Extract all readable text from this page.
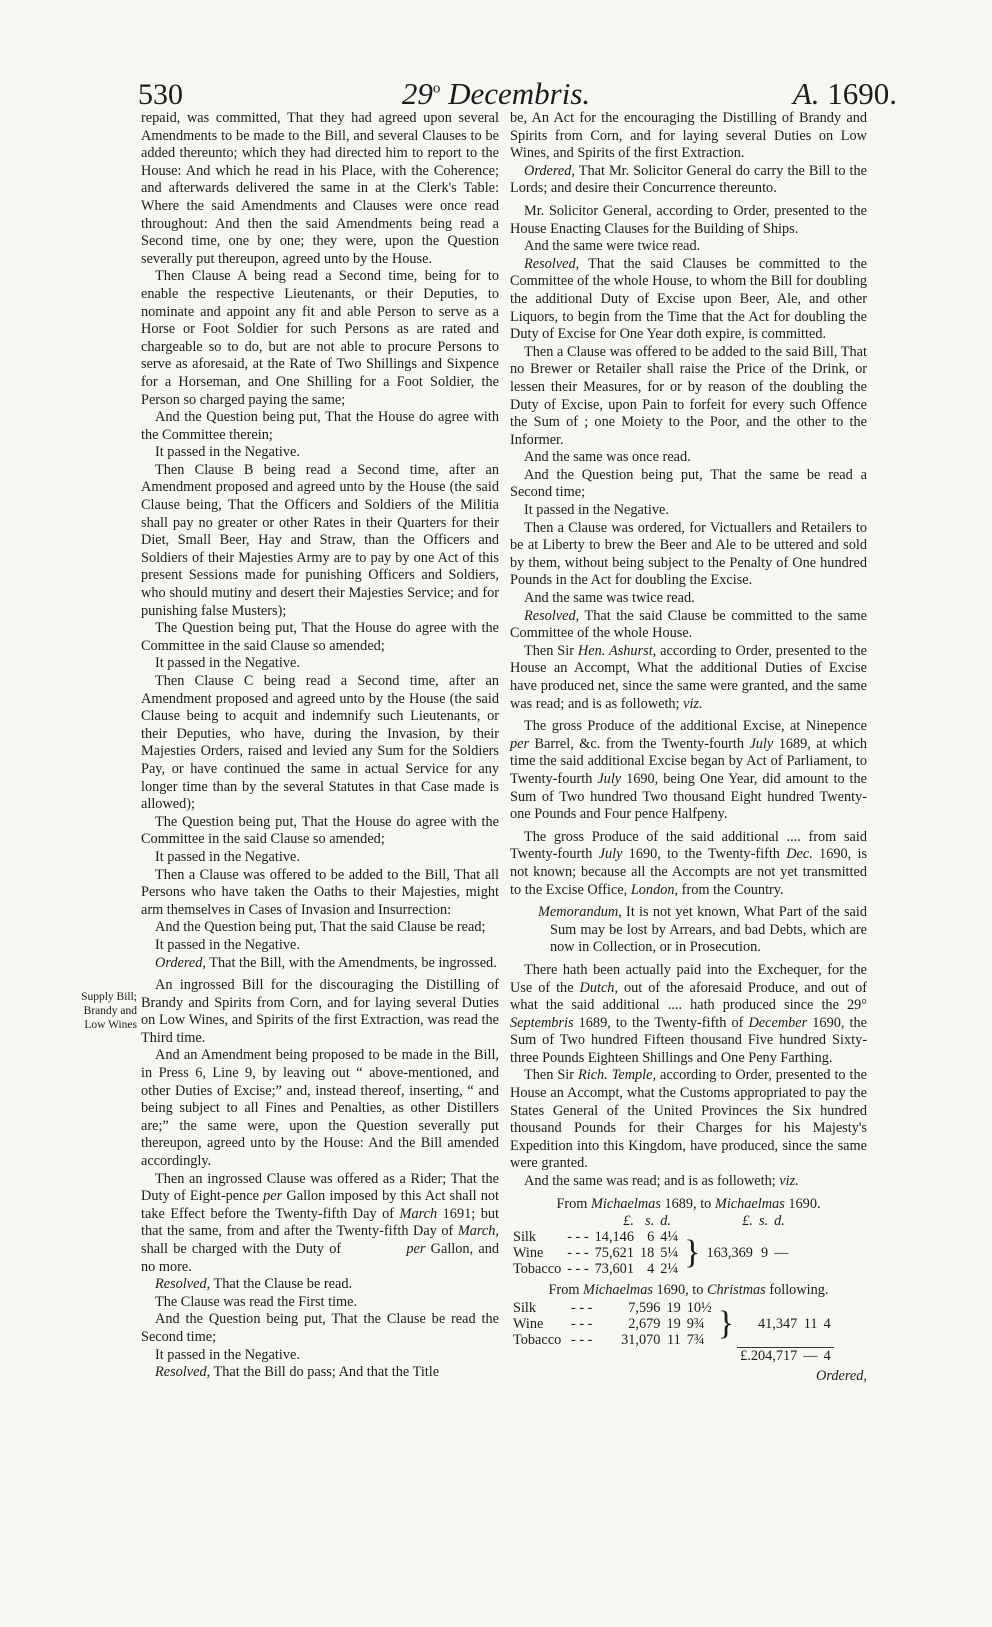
530	29$^o$ Decembris.	A. 1690.
Supply Bill;
Brandy and
Low Wines

repaid, was committed, That they had agreed upon several Amendments to be made to the Bill, and several Clauses to be added thereunto; which they had directed him to report to the House: And which he read in his Place, with the Coherence; and afterwards delivered the same in at the Clerk's Table: Where the said Amendments and Clauses were once read throughout: And then the said Amendments being read a Second time, one by one; they were, upon the Question severally put thereupon, agreed unto by the House.

Then Clause A being read a Second time, being for to enable the respective Lieutenants, or their Deputies, to nominate and appoint any fit and able Person to serve as a Horse or Foot Soldier for such Persons as are rated and chargeable so to do, but are not able to procure Persons to serve as aforesaid, at the Rate of Two Shillings and Sixpence for a Horseman, and One Shilling for a Foot Soldier, the Person so charged paying the same;

And the Question being put, That the House do agree with the Committee therein;

It passed in the Negative.

Then Clause B being read a Second time, after an Amendment proposed and agreed unto by the House (the said Clause being, That the Officers and Soldiers of the Militia shall pay no greater or other Rates in their Quarters for their Diet, Small Beer, Hay and Straw, than the Officers and Soldiers of their Majesties Army are to pay by one Act of this present Sessions made for punishing Officers and Soldiers, who should mutiny and desert their Majesties Service; and for punishing false Musters);

The Question being put, That the House do agree with the Committee in the said Clause so amended;

It passed in the Negative.

Then Clause C being read a Second time, after an Amendment proposed and agreed unto by the House (the said Clause being to acquit and indemnify such Lieutenants, or their Deputies, who have, during the Invasion, by their Majesties Orders, raised and levied any Sum for the Soldiers Pay, or have continued the same in actual Service for any longer time than by the several Statutes in that Case made is allowed);

The Question being put, That the House do agree with the Committee in the said Clause so amended;

It passed in the Negative.

Then a Clause was offered to be added to the Bill, That all Persons who have taken the Oaths to their Majesties, might arm themselves in Cases of Invasion and Insurrection:

And the Question being put, That the said Clause be read;

It passed in the Negative.

Ordered, That the Bill, with the Amendments, be ingrossed.

An ingrossed Bill for the discouraging the Distilling of Brandy and Spirits from Corn, and for laying several Duties on Low Wines, and Spirits of the first Extraction, was read the Third time.

And an Amendment being proposed to be made in the Bill, in Press 6, Line 9, by leaving out “ above-mentioned, and other Duties of Excise;” and, instead thereof, inserting, “ and being subject to all Fines and Penalties, as other Distillers are;” the same were, upon the Question severally put thereupon, agreed unto by the House: And the Bill amended accordingly.

Then an ingrossed Clause was offered as a Rider; That the Duty of Eight-pence per Gallon imposed by this Act shall not take Effect before the Twenty-fifth Day of March 1691; but that the same, from and after the Twenty-fifth Day of March, shall be charged with the Duty of	per Gallon, and no more.

Resolved, That the Clause be read.

The Clause was read the First time.

And the Question being put, That the Clause be read the Second time;

It passed in the Negative.

Resolved, That the Bill do pass; And that the Title

be, An Act for the encouraging the Distilling of Brandy and Spirits from Corn, and for laying several Duties on Low Wines, and Spirits of the first Extraction.

Ordered, That Mr. Solicitor General do carry the Bill to the Lords; and desire their Concurrence thereunto.

Mr. Solicitor General, according to Order, presented to the House Enacting Clauses for the Building of Ships.

And the same were twice read.

Resolved, That the said Clauses be committed to the Committee of the whole House, to whom the Bill for doubling the additional Duty of Excise upon Beer, Ale, and other Liquors, to begin from the Time that the Act for doubling the Duty of Excise for One Year doth expire, is committed.

Then a Clause was offered to be added to the said Bill, That no Brewer or Retailer shall raise the Price of the Drink, or lessen their Measures, for or by reason of the doubling the Duty of Excise, upon Pain to forfeit for every such Offence the Sum of ; one Moiety to the Poor, and the other to the Informer.

And the same was once read.

And the Question being put, That the same be read a Second time;

It passed in the Negative.

Then a Clause was ordered, for Victuallers and Retailers to be at Liberty to brew the Beer and Ale to be uttered and sold by them, without being subject to the Penalty of One hundred Pounds in the Act for doubling the Excise.

And the same was twice read.

Resolved, That the said Clause be committed to the same Committee of the whole House.

Then Sir Hen. Ashurst, according to Order, presented to the House an Accompt, What the additional Duties of Excise have produced net, since the same were granted, and the same was read; and is as followeth; viz.

The gross Produce of the additional Excise, at Ninepence per Barrel, &c. from the Twenty-fourth July 1689, at which time the said additional Excise began by Act of Parliament, to Twenty-fourth July 1690, being One Year, did amount to the Sum of Two hundred Two thousand Eight hundred Twenty-one Pounds and Four pence Halfpeny.

The gross Produce of the said additional .... from said Twenty-fourth July 1690, to the Twenty-fifth Dec. 1690, is not known; because all the Accompts are not yet transmitted to the Excise Office, London, from the Country.

Memorandum, It is not yet known, What Part of the said Sum may be lost by Arrears, and bad Debts, which are now in Collection, or in Prosecution.

There hath been actually paid into the Exchequer, for the Use of the Dutch, out of the aforesaid Produce, and out of what the said additional .... hath produced since the 29° Septembris 1689, to the Twenty-fifth of December 1690, the Sum of Two hundred Fifteen thousand Five hundred Sixty-three Pounds Eighteen Shillings and One Peny Farthing.

Then Sir Rich. Temple, according to Order, presented to the House an Accompt, what the Customs appropriated to pay the States General of the United Provinces the Six hundred thousand Pounds for their Charges for his Majesty's Expedition into this Kingdom, have produced, since the same were granted.

And the same was read; and is as followeth; viz.

From Michaelmas 1689, to Michaelmas 1690.

		£.	s.	d.		£.	s.	d.
Silk	- - -	14,146	6	4¼	}	163,369	9	—
Wine	- - -	75,621	18	5¼				
Tobacco	- - -	73,601	4	2¼				

From Michaelmas 1690, to Christmas following.

Silk	- - -	7,596	19	10½	}	41,347	11	4
Wine	- - -	2,679	19	9¾				
Tobacco	- - -	31,070	11	7¾				
						£.204,717	—	4
Ordered,
